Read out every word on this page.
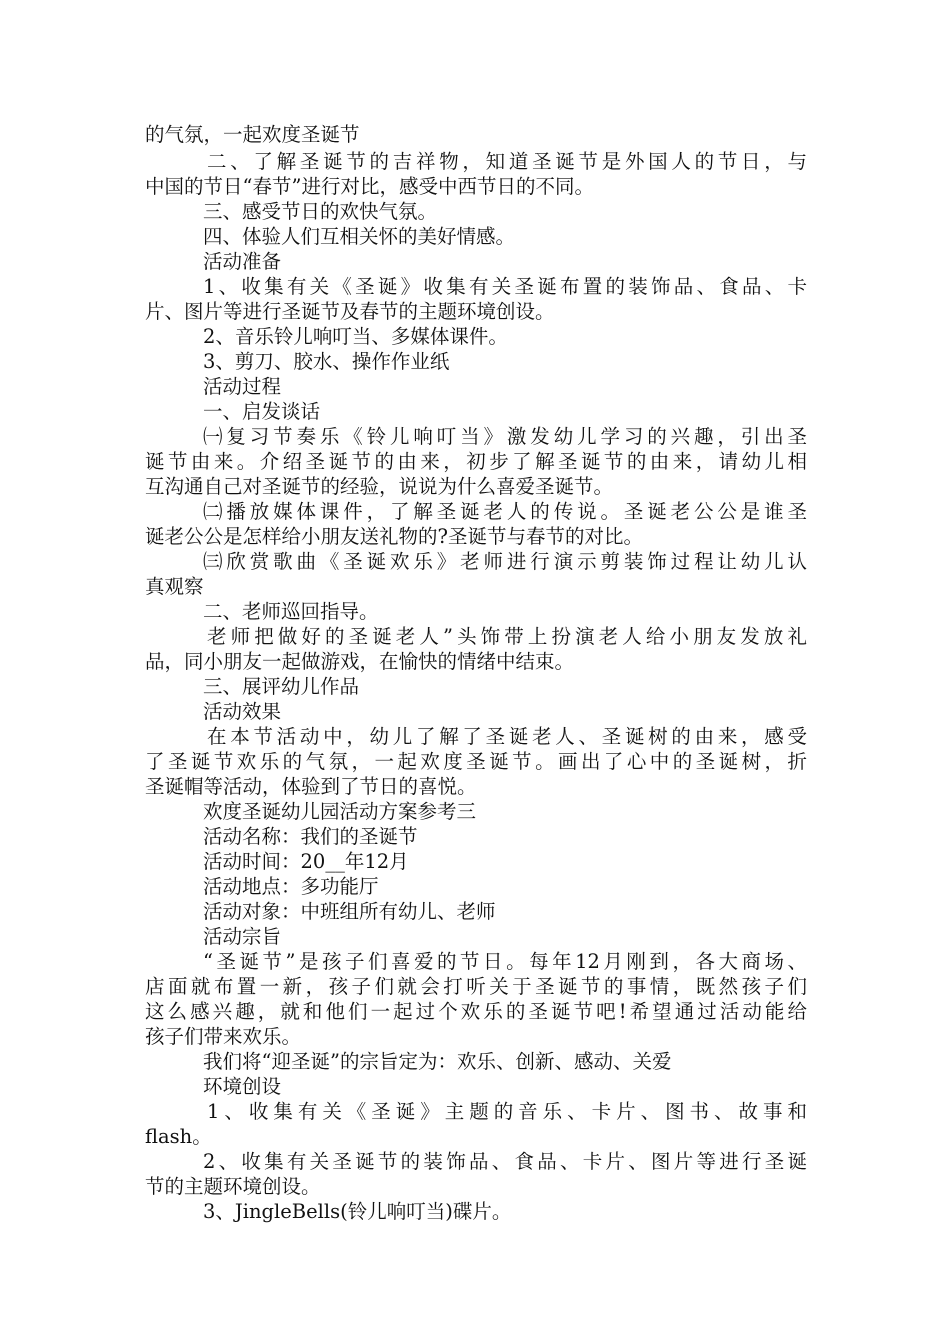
的气氛，一起欢度圣诞节
二、了解圣诞节的吉祥物，知道圣诞节是外国人的节日，与
中国的节日“春节”进行对比，感受中西节日的不同。
三、感受节日的欢快气氛。
四、体验人们互相关怀的美好情感。
活动准备
1、收集有关《圣诞》收集有关圣诞布置的装饰品、食品、卡
片、图片等进行圣诞节及春节的主题环境创设。
2、音乐铃儿响叮当、多媒体课件。
3、剪刀、胶水、操作作业纸
活动过程
一、启发谈话
㈠复习节奏乐《铃儿响叮当》激发幼儿学习的兴趣，引出圣
诞节由来。介绍圣诞节的由来，初步了解圣诞节的由来，请幼儿相
互沟通自己对圣诞节的经验，说说为什么喜爱圣诞节。
㈡播放媒体课件，了解圣诞老人的传说。圣诞老公公是谁圣
诞老公公是怎样给小朋友送礼物的?圣诞节与春节的对比。
㈢欣赏歌曲《圣诞欢乐》老师进行演示剪装饰过程让幼儿认
真观察
二、老师巡回指导。
老师把做好的圣诞老人”头饰带上扮演老人给小朋友发放礼
品，同小朋友一起做游戏，在愉快的情绪中结束。
三、展评幼儿作品
活动效果
在本节活动中，幼儿了解了圣诞老人、圣诞树的由来，感受
了圣诞节欢乐的气氛，一起欢度圣诞节。画出了心中的圣诞树，折
圣诞帽等活动，体验到了节日的喜悦。
欢度圣诞幼儿园活动方案参考三
活动名称：我们的圣诞节
活动时间：20__年12月
活动地点：多功能厅
活动对象：中班组所有幼儿、老师
活动宗旨
“圣诞节”是孩子们喜爱的节日。每年12月刚到，各大商场、
店面就布置一新，孩子们就会打听关于圣诞节的事情，既然孩子们
这么感兴趣，就和他们一起过个欢乐的圣诞节吧!希望通过活动能给
孩子们带来欢乐。
我们将“迎圣诞”的宗旨定为：欢乐、创新、感动、关爱
环境创设
1、收集有关《圣诞》主题的音乐、卡片、图书、故事和
flash。
2、收集有关圣诞节的装饰品、食品、卡片、图片等进行圣诞
节的主题环境创设。
3、JingleBells(铃儿响叮当)碟片。
